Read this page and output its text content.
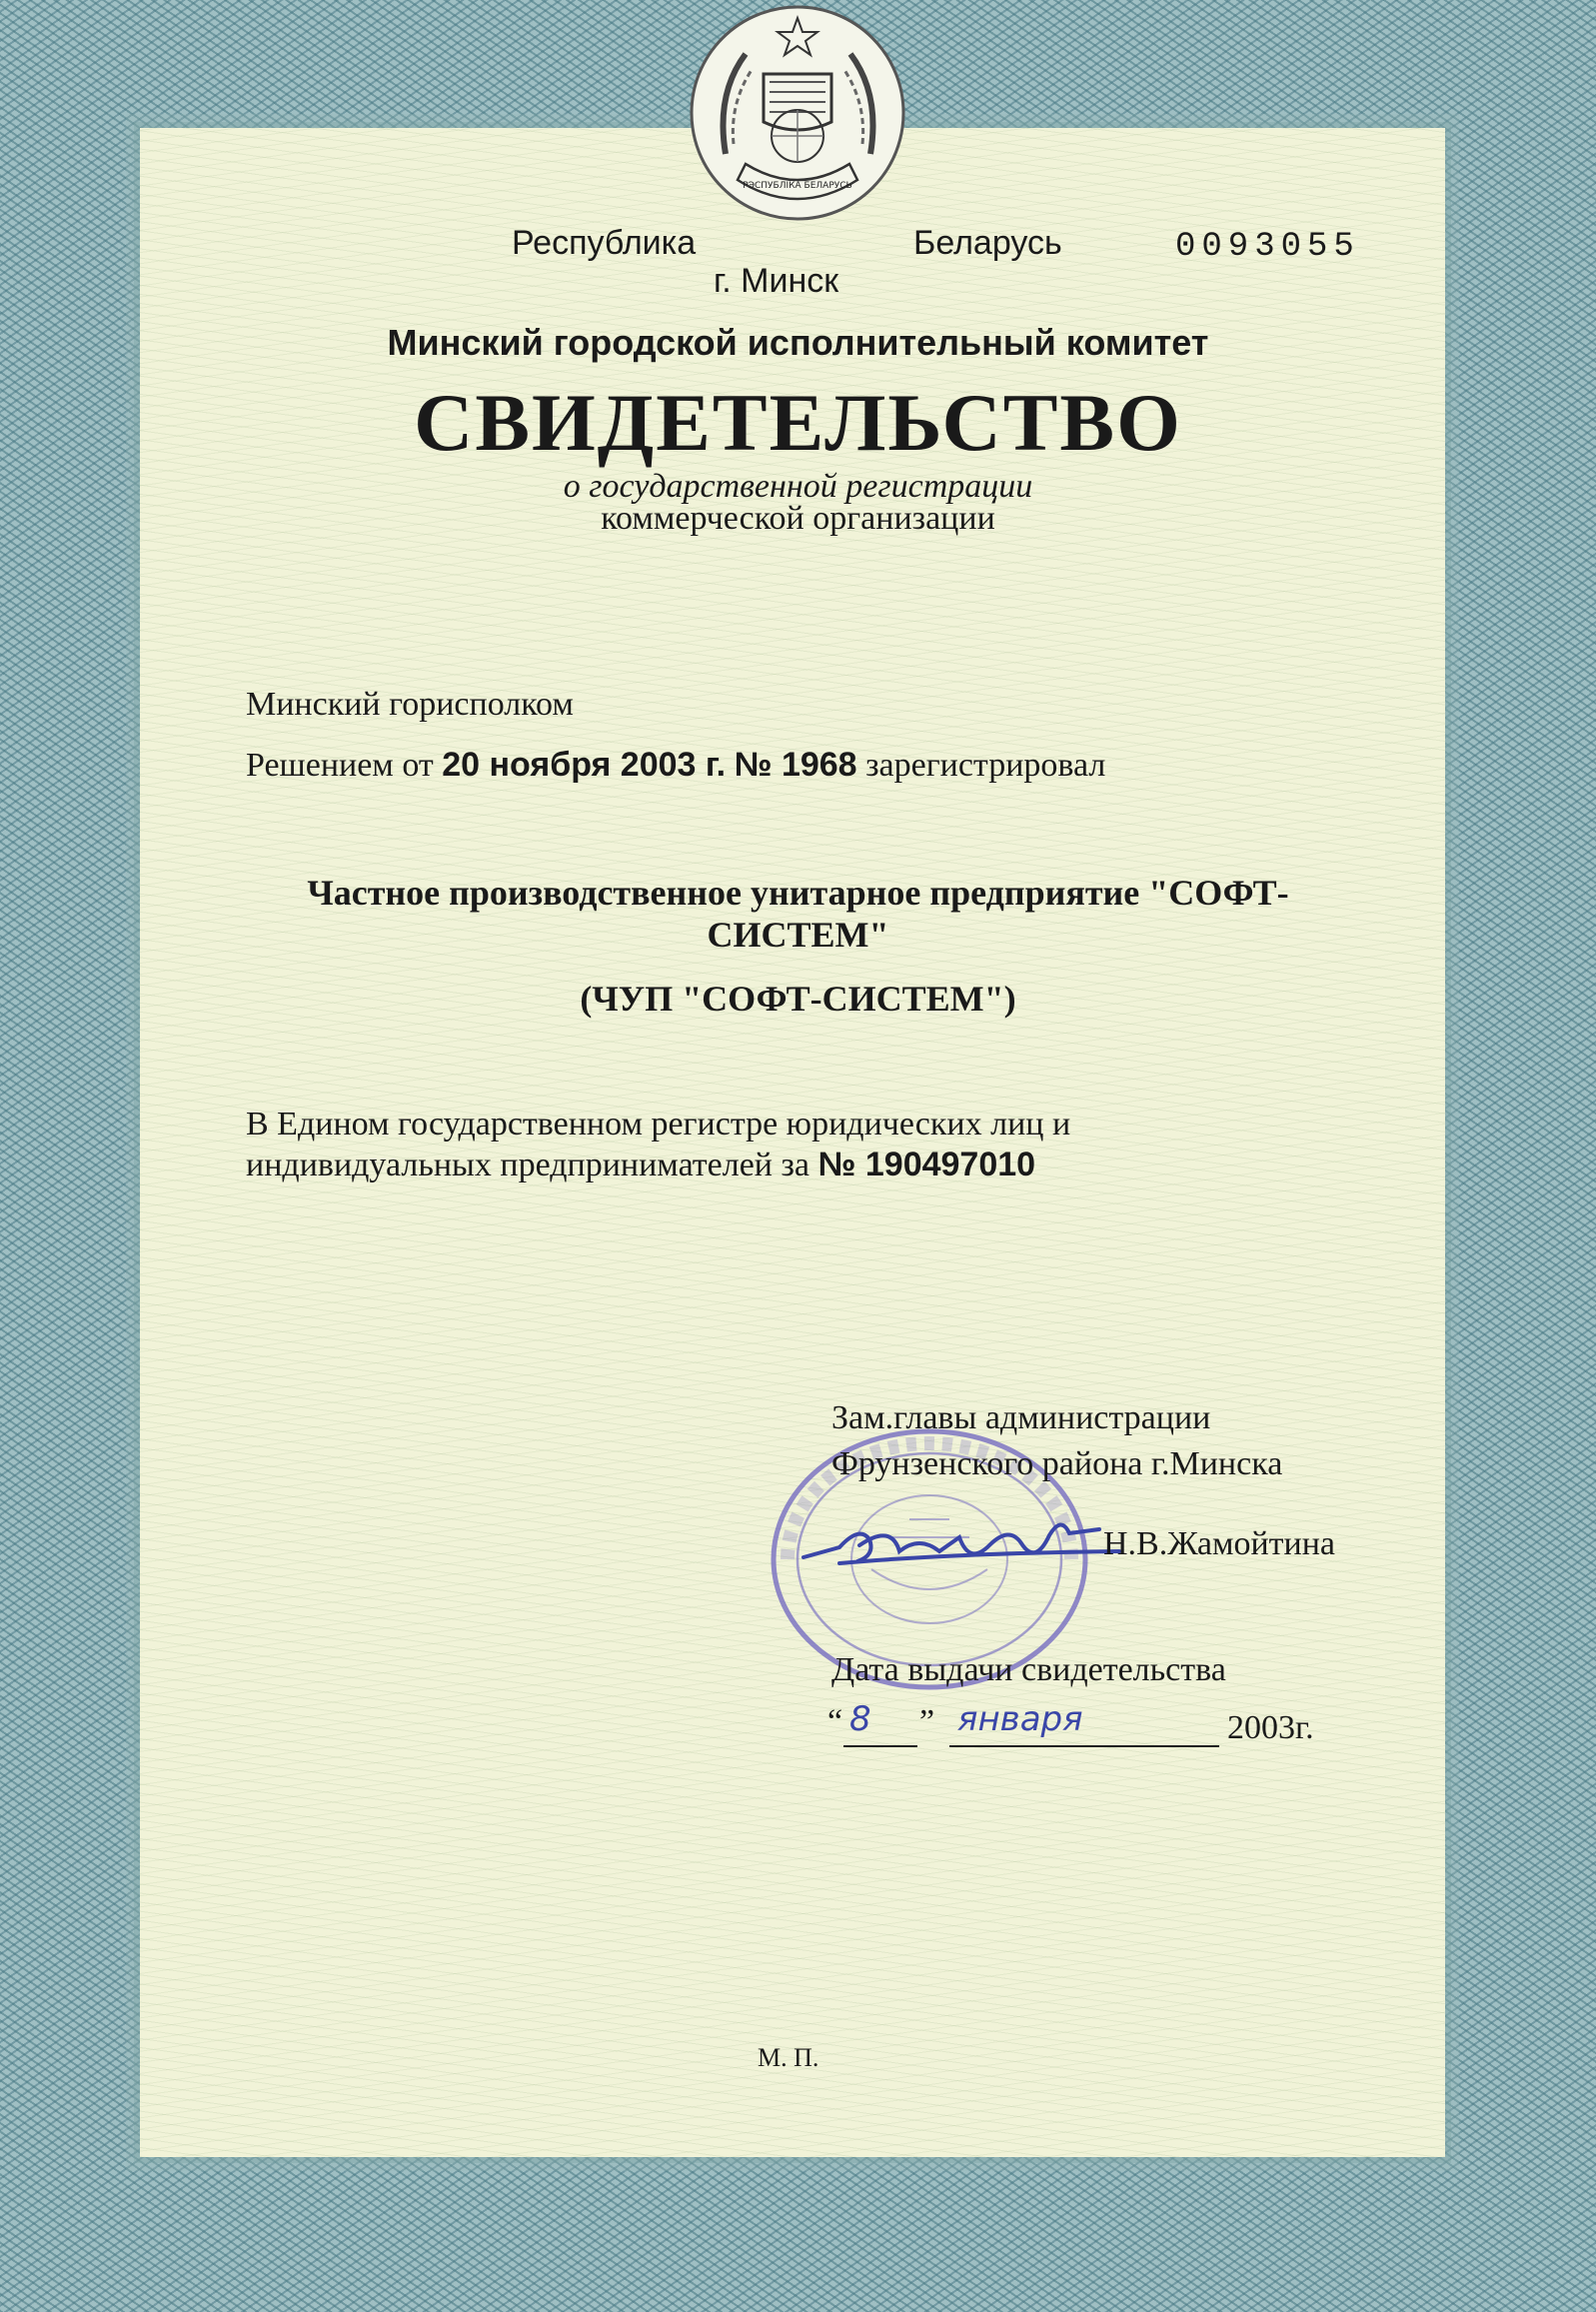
РЭСПУБЛІКА БЕЛАРУСЬ

Республика	Беларусь	0093055

г. Минск

Минский городской исполнительный комитет

СВИДЕТЕЛЬСТВО

о государственной регистрации

коммерческой организации

Минский горисполком

Решением от 20 ноября 2003 г. № 1968 зарегистрировал

Частное производственное унитарное предприятие "СОФТ-

СИСТЕМ"

(ЧУП "СОФТ-СИСТЕМ")

В Едином государственном регистре юридических лиц и

индивидуальных предпринимателей за № 190497010

Зам.главы администрации

Фрунзенского района г.Минска

Н.В.Жамойтина

Дата выдачи свидетельства

“ 8 ” января	2003г.

М. П.
